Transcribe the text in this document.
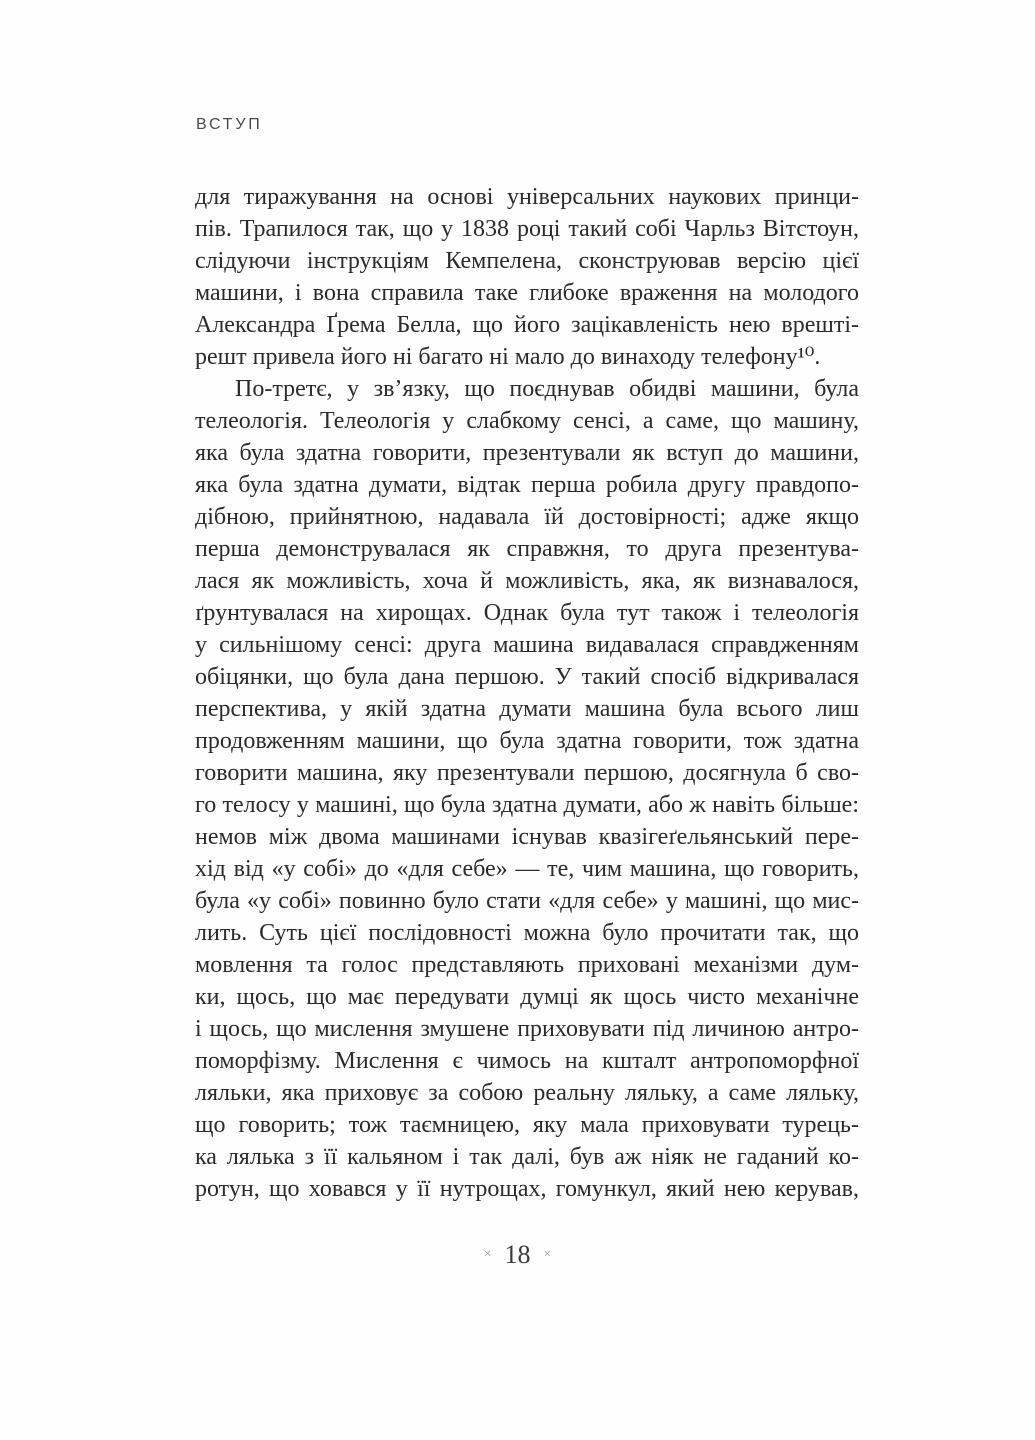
ВСТУП
для тиражування на основі універсальних наукових принци-
пів. Трапилося так, що у 1838 році такий собі Чарльз Вітстоун,
слідуючи інструкціям Кемпелена, сконструював версію цієї
машини, і вона справила таке глибоке враження на молодого
Александра Ґрема Белла, що його зацікавленість нею врешті-
решт привела його ні багато ні мало до винаходу телефону¹⁰.
По-третє, у зв’язку, що поєднував обидві машини, була
телеологія. Телеологія у слабкому сенсі, а саме, що машину,
яка була здатна говорити, презентували як вступ до машини,
яка була здатна думати, відтак перша робила другу правдопо-
дібною, прийнятною, надавала їй достовірності; адже якщо
перша демонструвалася як справжня, то друга презентува-
лася як можливість, хоча й можливість, яка, як визнавалося,
ґрунтувалася на хирощах. Однак була тут також і телеологія
у сильнішому сенсі: друга машина видавалася справдженням
обіцянки, що була дана першою. У такий спосіб відкривалася
перспектива, у якій здатна думати машина була всього лиш
продовженням машини, що була здатна говорити, тож здатна
говорити машина, яку презентували першою, досягнула б сво-
го телосу у машині, що була здатна думати, або ж навіть більше:
немов між двома машинами існував квазігеґельянський пере-
хід від «у собі» до «для себе» — те, чим машина, що говорить,
була «у собі» повинно було стати «для себе» у машині, що мис-
лить. Суть цієї послідовності можна було прочитати так, що
мовлення та голос представляють приховані механізми дум-
ки, щось, що має передувати думці як щось чисто механічне
і щось, що мислення змушене приховувати під личиною антро-
поморфізму. Мислення є чимось на кшталт антропоморфної
ляльки, яка приховує за собою реальну ляльку, а саме ляльку,
що говорить; тож таємницею, яку мала приховувати турець-
ка лялька з її кальяном і так далі, був аж ніяк не гаданий ко-
ротун, що ховався у її нутрощах, гомункул, який нею керував,
× 18 ×
